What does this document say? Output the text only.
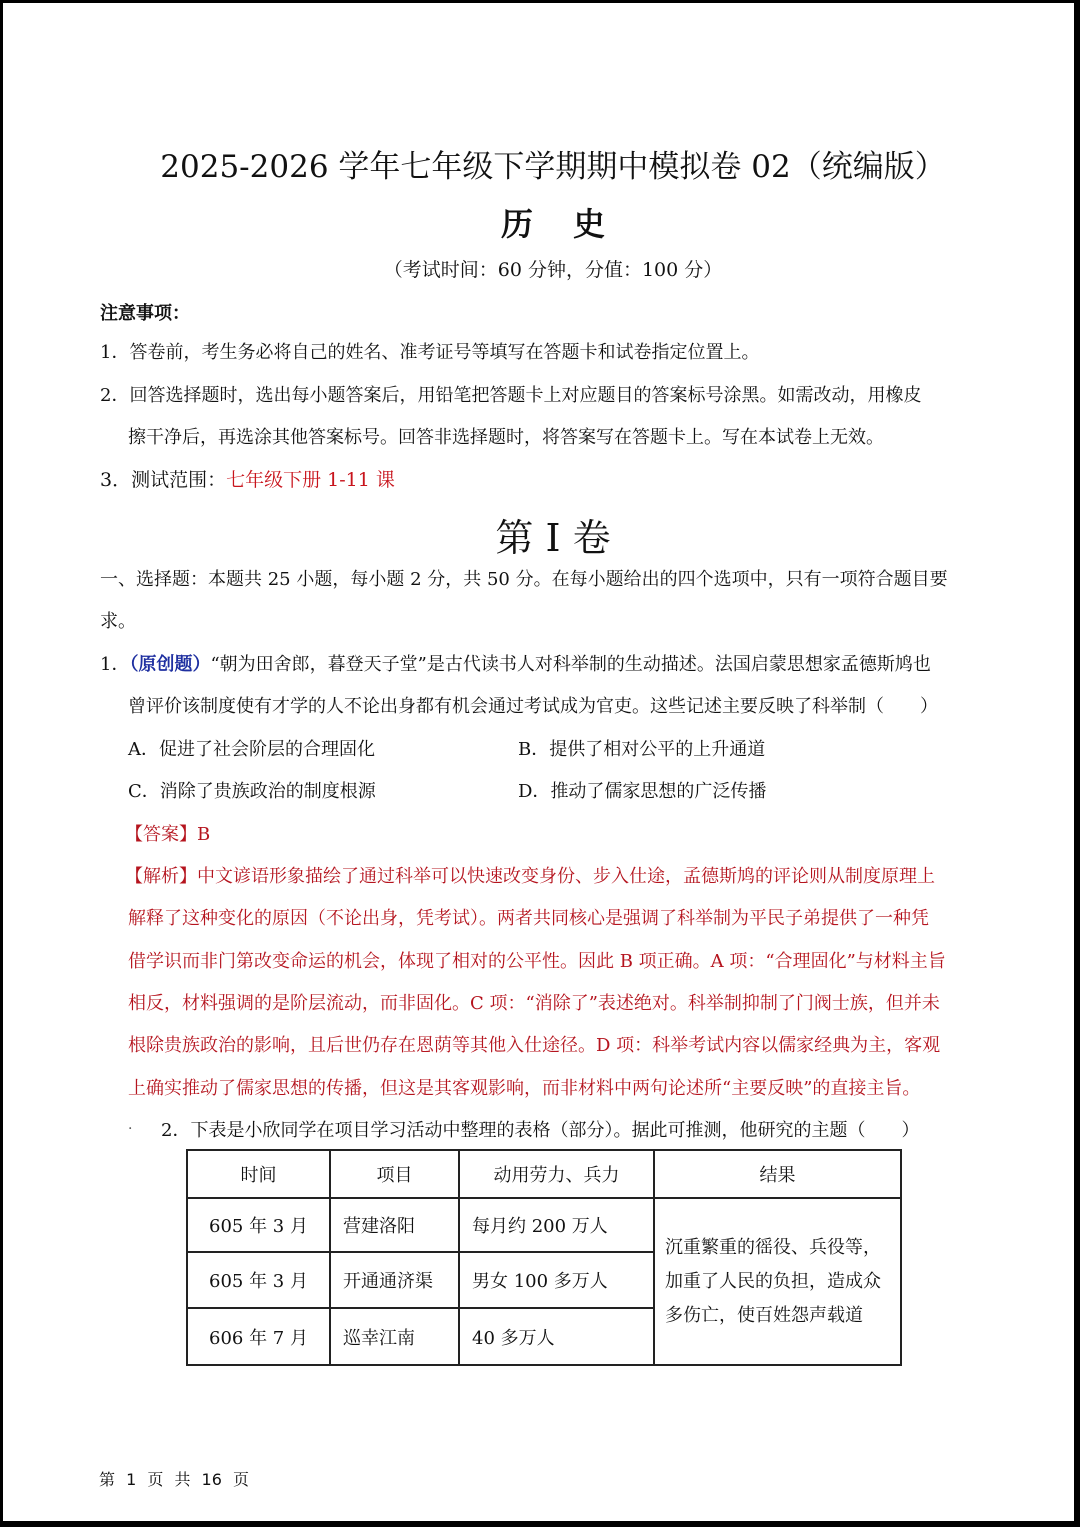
2025-2026 学年七年级下学期期中模拟卷 02（统编版）
历 史
（考试时间：60 分钟，分值：100 分）
注意事项：
1．答卷前，考生务必将自己的姓名、准考证号等填写在答题卡和试卷指定位置上。
2．回答选择题时，选出每小题答案后，用铅笔把答题卡上对应题目的答案标号涂黑。如需改动，用橡皮
擦干净后，再选涂其他答案标号。回答非选择题时，将答案写在答题卡上。写在本试卷上无效。
3．测试范围：七年级下册 1-11 课
第 I 卷
一、选择题：本题共 25 小题，每小题 2 分，共 50 分。在每小题给出的四个选项中，只有一项符合题目要
求。
1．（原创题）“朝为田舍郎，暮登天子堂”是古代读书人对科举制的生动描述。法国启蒙思想家孟德斯鸠也
曾评价该制度使有才学的人不论出身都有机会通过考试成为官吏。这些记述主要反映了科举制（　　）
A．促进了社会阶层的合理固化	B．提供了相对公平的上升通道
C．消除了贵族政治的制度根源	D．推动了儒家思想的广泛传播
【答案】B
【解析】中文谚语形象描绘了通过科举可以快速改变身份、步入仕途，孟德斯鸠的评论则从制度原理上
解释了这种变化的原因（不论出身，凭考试）。两者共同核心是强调了科举制为平民子弟提供了一种凭
借学识而非门第改变命运的机会，体现了相对的公平性。因此 B 项正确。A 项：“合理固化”与材料主旨
相反，材料强调的是阶层流动，而非固化。C 项：“消除了”表述绝对。科举制抑制了门阀士族，但并未
根除贵族政治的影响，且后世仍存在恩荫等其他入仕途径。D 项：科举考试内容以儒家经典为主，客观
上确实推动了儒家思想的传播，但这是其客观影响，而非材料中两句论述所“主要反映”的直接主旨。
· 2．下表是小欣同学在项目学习活动中整理的表格（部分）。据此可推测，他研究的主题（　　）
时间	项目	动用劳力、兵力	结果
605 年 3 月	营建洛阳	每月约 200 万人	沉重繁重的徭役、兵役等，
加重了人民的负担，造成众
多伤亡，使百姓怨声载道

605 年 3 月	开通通济渠	男女 100 多万人	
606 年 7 月	巡幸江南	40 多万人	
第 1 页 共 16 页
